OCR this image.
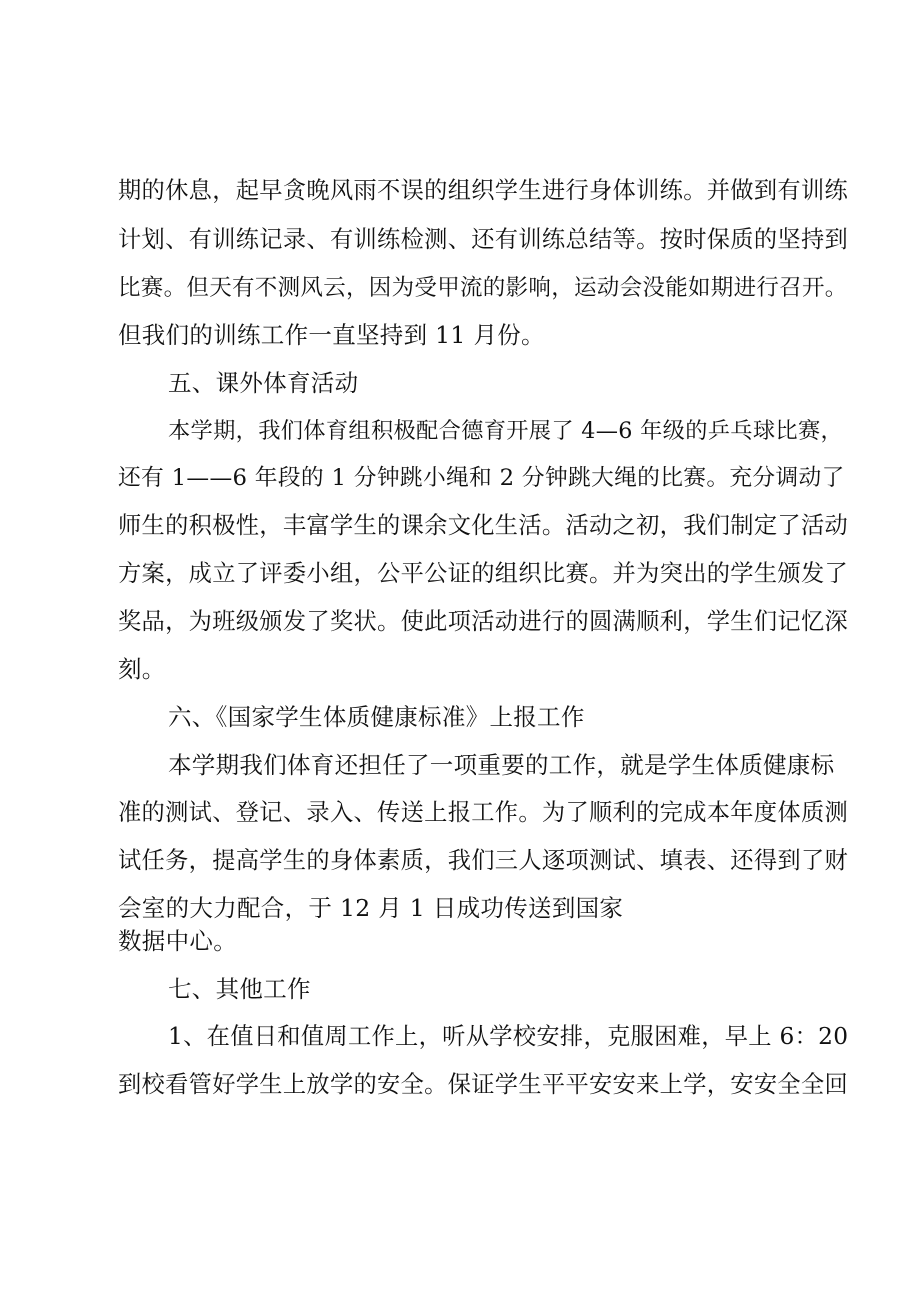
期的休息，起早贪晚风雨不误的组织学生进行身体训练。并做到有训练
计划、有训练记录、有训练检测、还有训练总结等。按时保质的坚持到
比赛。但天有不测风云，因为受甲流的影响，运动会没能如期进行召开。
但我们的训练工作一直坚持到 11 月份。
五、课外体育活动
本学期，我们体育组积极配合德育开展了 4—6 年级的乒乓球比赛，
还有 1——6 年段的 1 分钟跳小绳和 2 分钟跳大绳的比赛。充分调动了
师生的积极性，丰富学生的课余文化生活。活动之初，我们制定了活动
方案，成立了评委小组，公平公证的组织比赛。并为突出的学生颁发了
奖品，为班级颁发了奖状。使此项活动进行的圆满顺利，学生们记忆深
刻。
六、《国家学生体质健康标准》上报工作
本学期我们体育还担任了一项重要的工作，就是学生体质健康标
准的测试、登记、录入、传送上报工作。为了顺利的完成本年度体质测
试任务，提高学生的身体素质，我们三人逐项测试、填表、还得到了财
会室的大力配合，于 12 月 1 日成功传送到国家
数据中心。
七、其他工作
1、在值日和值周工作上，听从学校安排，克服困难，早上 6：20
到校看管好学生上放学的安全。保证学生平平安安来上学，安安全全回
